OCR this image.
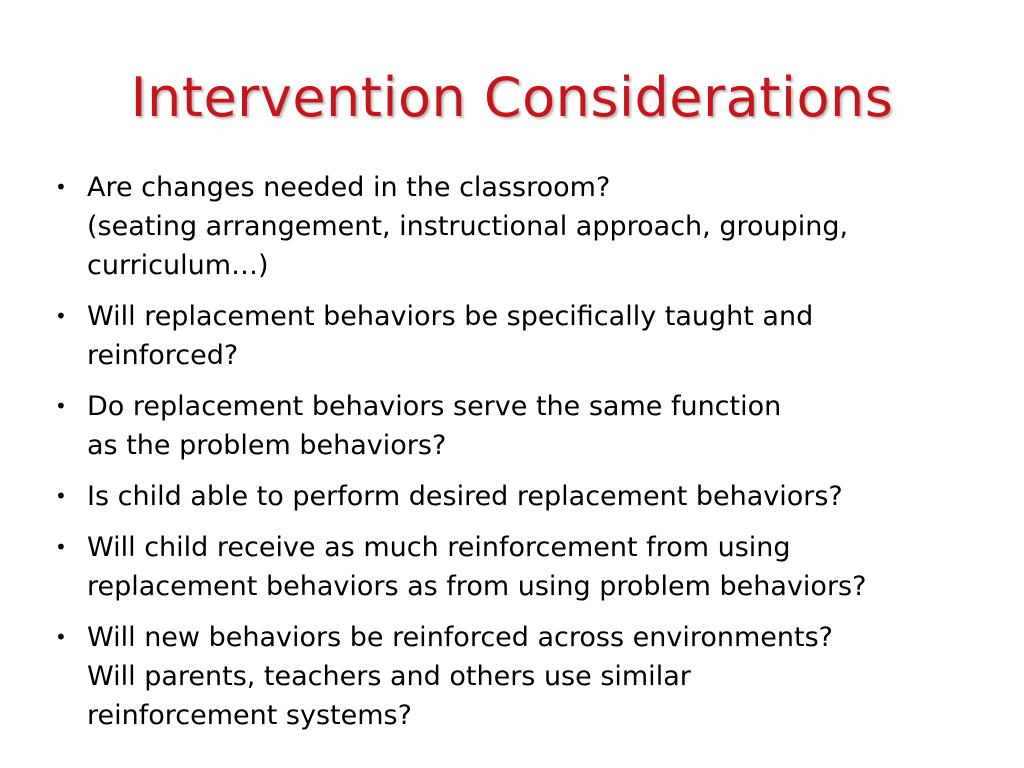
Intervention Considerations
• Are changes needed in the classroom?
(seating arrangement, instructional approach, grouping,
curriculum…)
• Will replacement behaviors be specifically taught and
reinforced?
• Do replacement behaviors serve the same function
as the problem behaviors?
• Is child able to perform desired replacement behaviors?
• Will child receive as much reinforcement from using
replacement behaviors as from using problem behaviors?
• Will new behaviors be reinforced across environments?
Will parents, teachers and others use similar
reinforcement systems?
